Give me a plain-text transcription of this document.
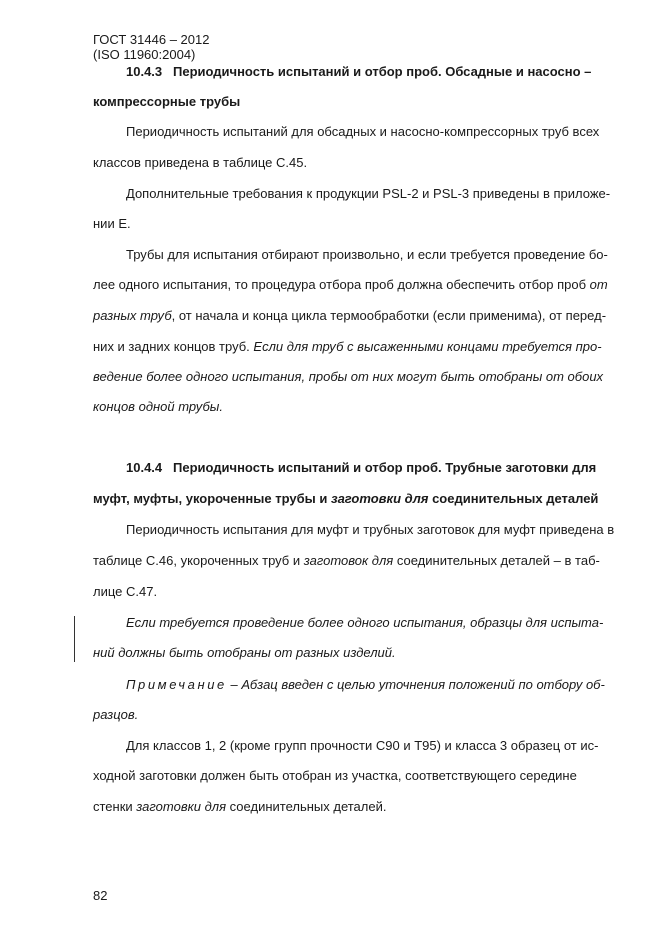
ГОСТ 31446 – 2012
(ISO 11960:2004)
10.4.3 Периодичность испытаний и отбор проб. Обсадные и насосно –
компрессорные трубы
Периодичность испытаний для обсадных и насосно-компрессорных труб всех
классов приведена в таблице С.45.
Дополнительные требования к продукции PSL-2 и PSL-3 приведены в приложе-
нии Е.
Трубы для испытания отбирают произвольно, и если требуется проведение бо-
лее одного испытания, то процедура отбора проб должна обеспечить отбор проб от
разных труб, от начала и конца цикла термообработки (если применима), от перед-
них и задних концов труб. Если для труб с высаженными концами требуется про-
ведение более одного испытания, пробы от них могут быть отобраны от обоих
концов одной трубы.
10.4.4 Периодичность испытаний и отбор проб. Трубные заготовки для
муфт, муфты, укороченные трубы и заготовки для соединительных деталей
Периодичность испытания для муфт и трубных заготовок для муфт приведена в
таблице С.46, укороченных труб и заготовок для соединительных деталей – в таб-
лице С.47.
Если требуется проведение более одного испытания, образцы для испыта-
ний должны быть отобраны от разных изделий.
Примечание – Абзац введен с целью уточнения положений по отбору об-
разцов.
Для классов 1, 2 (кроме групп прочности С90 и Т95) и класса 3 образец от ис-
ходной заготовки должен быть отобран из участка, соответствующего середине
стенки заготовки для соединительных деталей.
82
